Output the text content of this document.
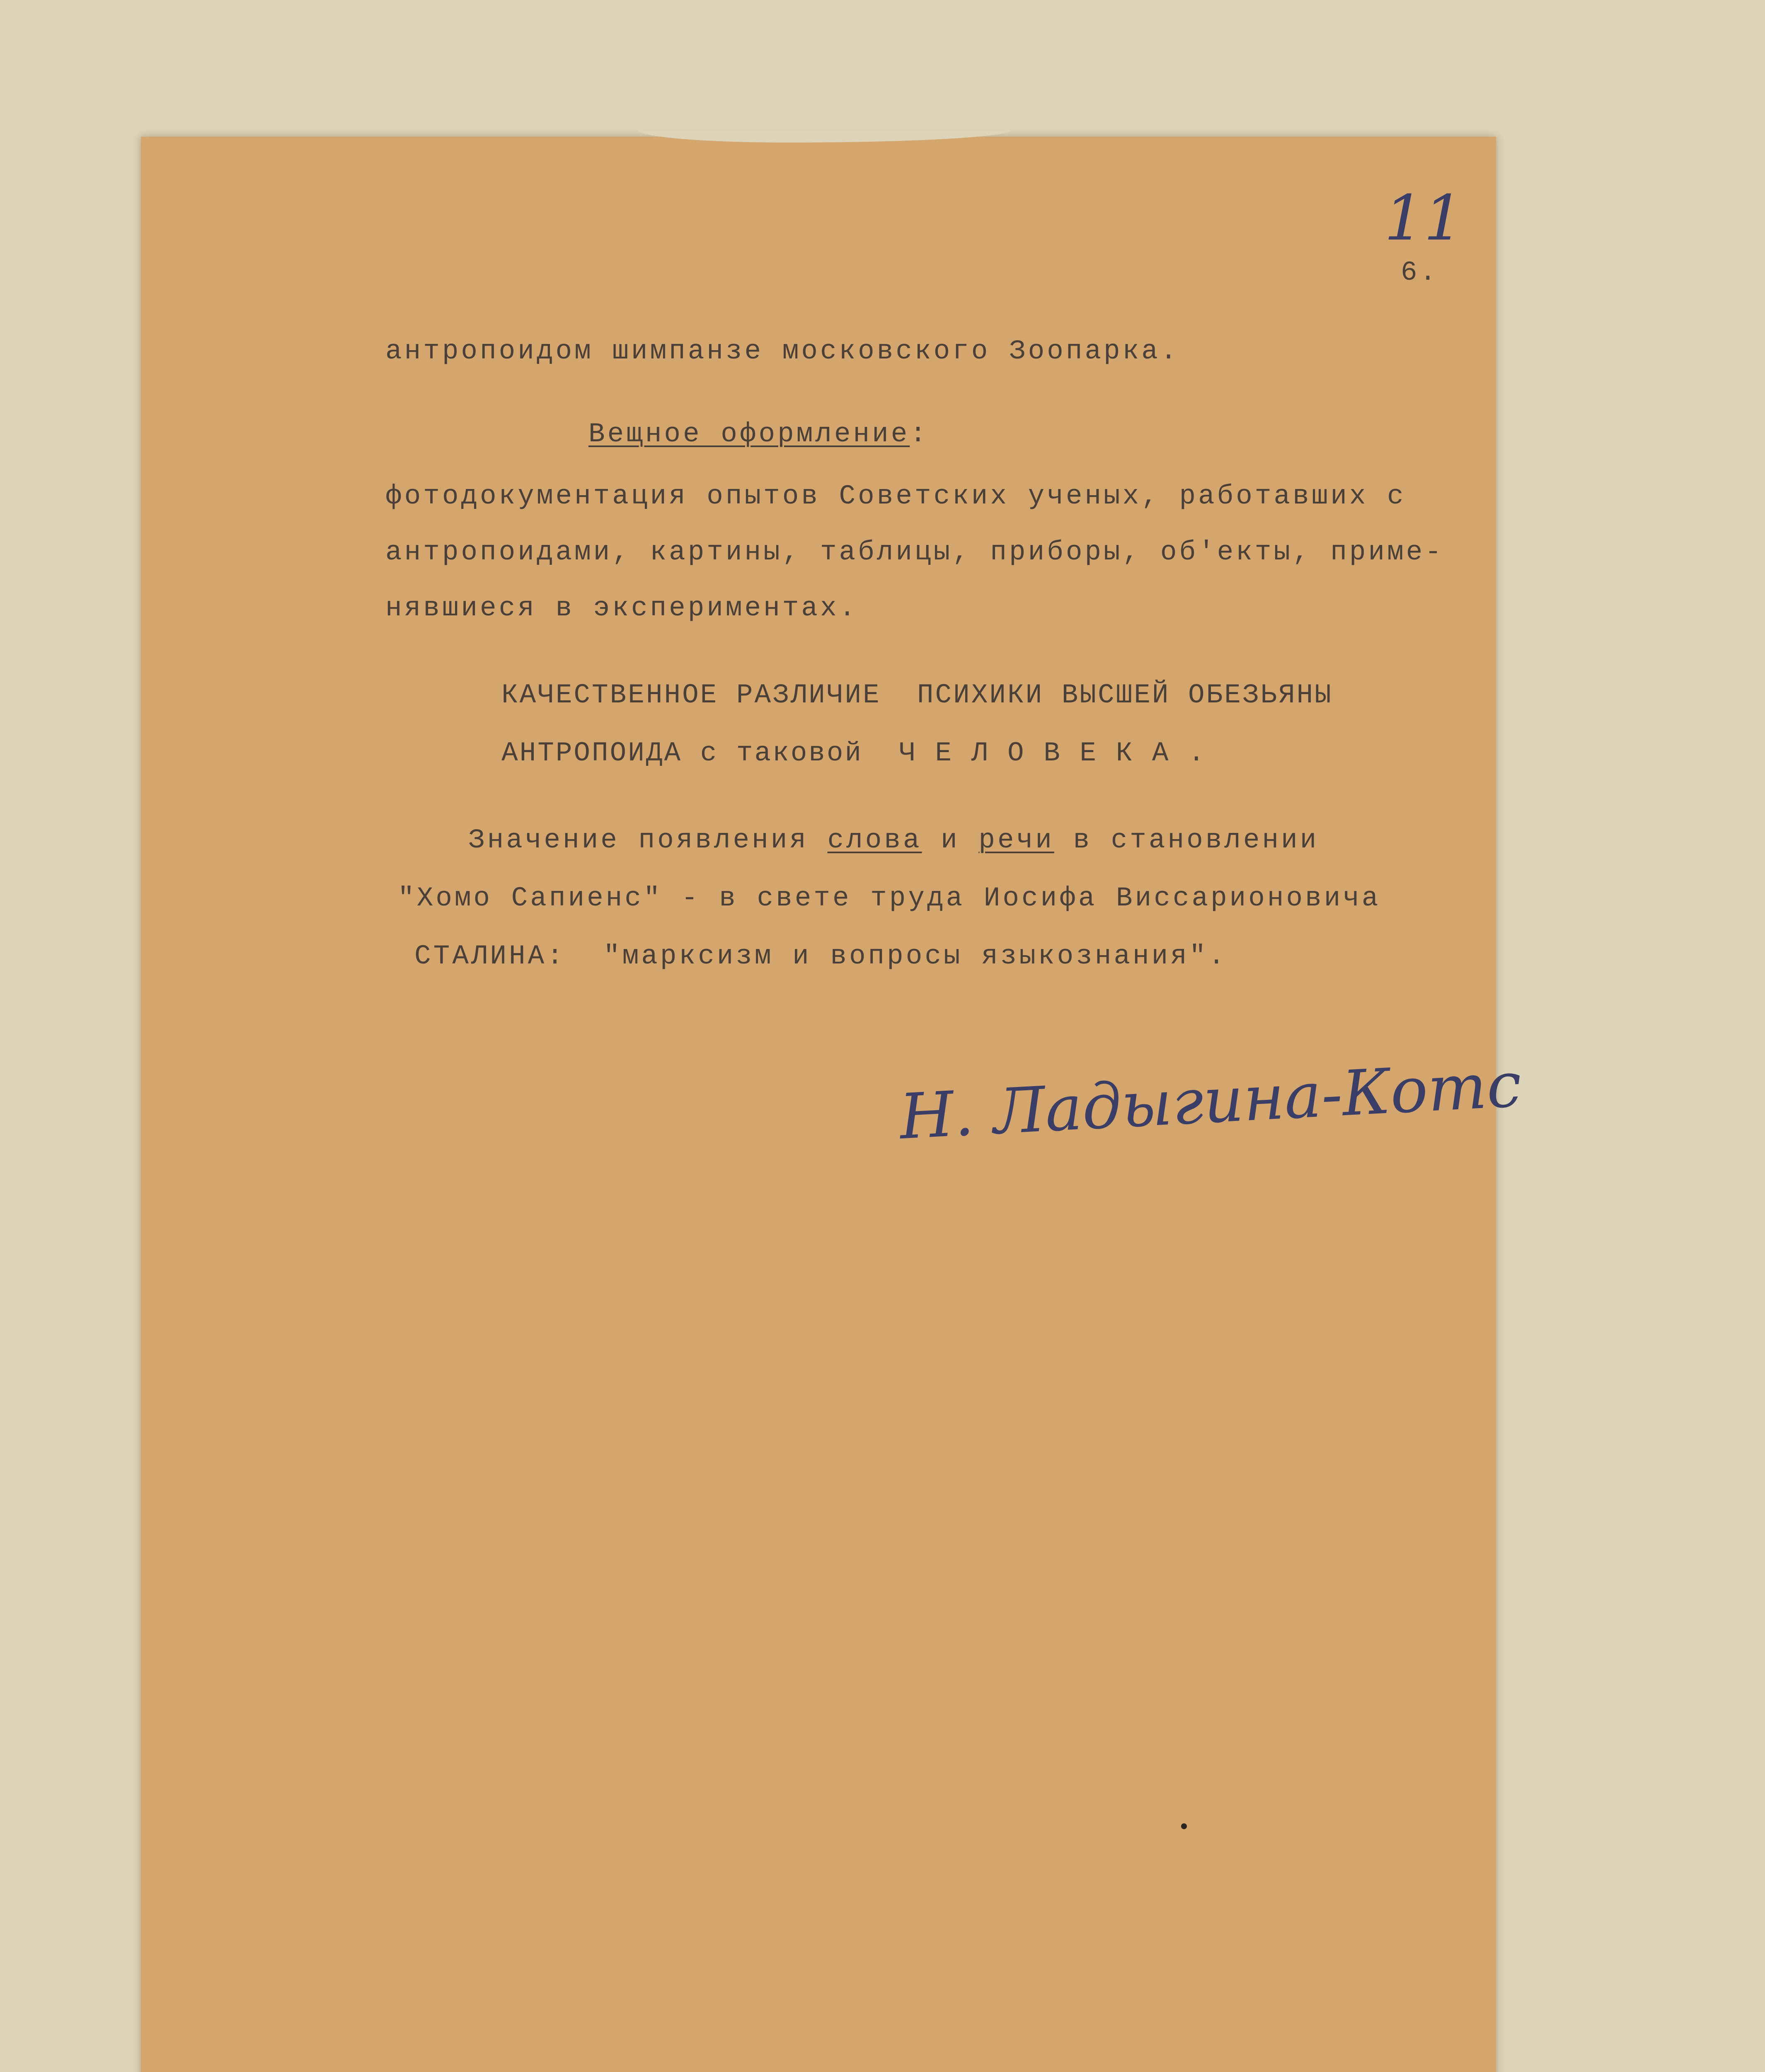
11
6.

антропоидом шимпанзе московского Зоопарка.

Вещное оформление:

фотодокументация опытов Советских ученых, работавших с

антропоидами, картины, таблицы, приборы, об'екты, приме-

нявшиеся в экспериментах.

КАЧЕСТВЕННОЕ РАЗЛИЧИЕ  ПСИХИКИ ВЫСШЕЙ ОБЕЗЬЯНЫ

АНТРОПОИДА с таковой  Ч Е Л О В Е К А .

Значение появления слова и речи в становлении

"Хомо Сапиенс" - в свете труда Иосифа Виссарионовича

СТАЛИНА:  "марксизм и вопросы языкознания".

Н. Ладыгина-Котс
